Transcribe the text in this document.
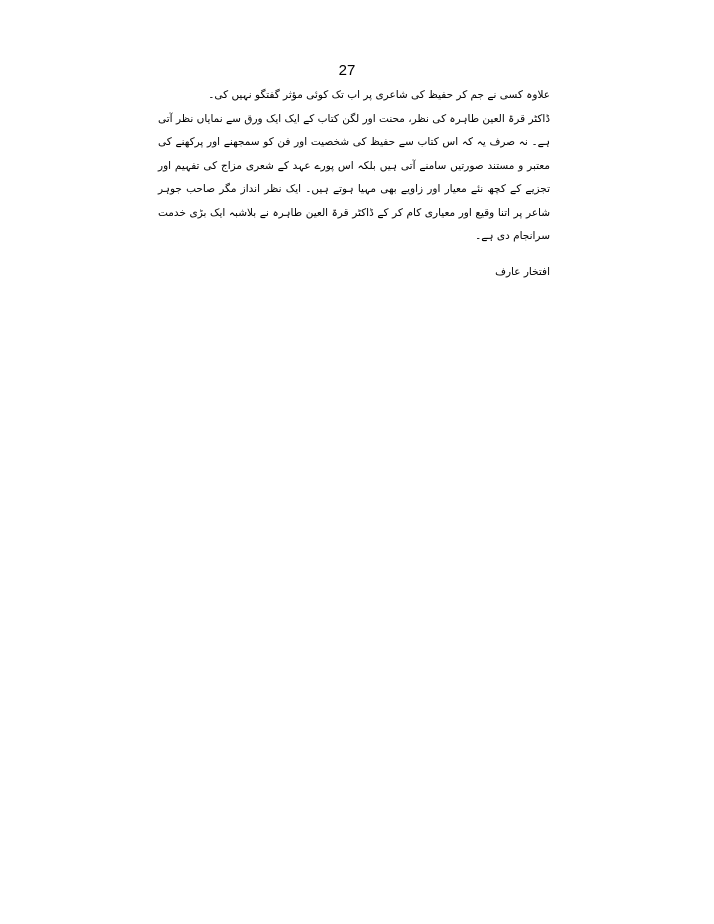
27

علاوہ کسی نے جم کر حفیظ کی شاعری پر اب تک کوئی مؤثر گفتگو نہیں کی۔

ڈاکٹر قرۃ العین طاہرہ کی نظر، محنت اور لگن کتاب کے ایک ایک ورق سے نمایاں نظر آتی ہے۔ نہ صرف یہ کہ اس کتاب سے حفیظ کی شخصیت اور فن کو سمجھنے اور پرکھنے کی معتبر و مستند صورتیں سامنے آتی ہیں بلکہ اس پورے عہد کے شعری مزاج کی تفہیم اور تجزیے کے کچھ نئے معیار اور زاویے بھی مہیا ہوتے ہیں۔ ایک نظر انداز مگر صاحب جوہر شاعر پر اتنا وقیع اور معیاری کام کر کے ڈاکٹر قرۃ العین طاہرہ نے بلاشبہ ایک بڑی خدمت سرانجام دی ہے۔

افتخار عارف
